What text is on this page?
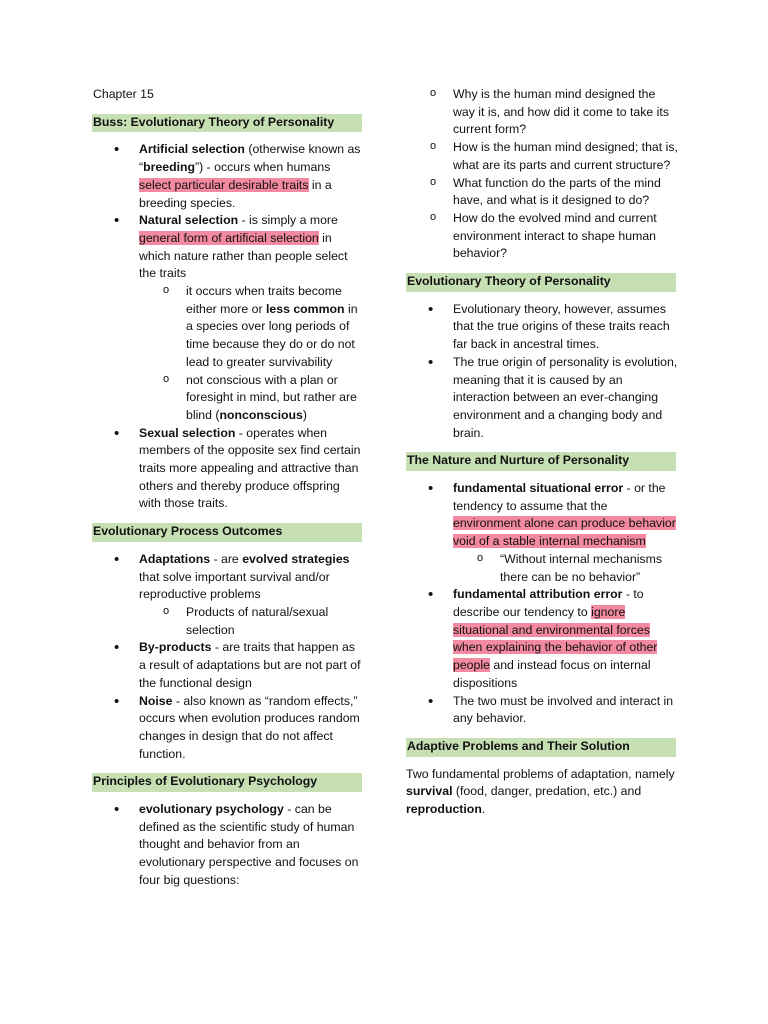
Chapter 15
Buss: Evolutionary Theory of Personality
• Artificial selection (otherwise known as “breeding”) - occurs when humans select particular desirable traits in a breeding species.
• Natural selection - is simply a more general form of artificial selection in which nature rather than people select the traits
o it occurs when traits become either more or less common in a species over long periods of time because they do or do not lead to greater survivability
o not conscious with a plan or foresight in mind, but rather are blind (nonconscious)
• Sexual selection - operates when members of the opposite sex find certain traits more appealing and attractive than others and thereby produce offspring with those traits.
Evolutionary Process Outcomes
• Adaptations - are evolved strategies that solve important survival and/or reproductive problems
o Products of natural/sexual selection
• By-products - are traits that happen as a result of adaptations but are not part of the functional design
• Noise - also known as “random effects,” occurs when evolution produces random changes in design that do not affect function.
Principles of Evolutionary Psychology
• evolutionary psychology - can be defined as the scientific study of human thought and behavior from an evolutionary perspective and focuses on four big questions:
o Why is the human mind designed the way it is, and how did it come to take its current form?
o How is the human mind designed; that is, what are its parts and current structure?
o What function do the parts of the mind have, and what is it designed to do?
o How do the evolved mind and current environment interact to shape human behavior?
Evolutionary Theory of Personality
• Evolutionary theory, however, assumes that the true origins of these traits reach far back in ancestral times.
• The true origin of personality is evolution, meaning that it is caused by an interaction between an ever-changing environment and a changing body and brain.
The Nature and Nurture of Personality
• fundamental situational error - or the tendency to assume that the environment alone can produce behavior void of a stable internal mechanism
o “Without internal mechanisms there can be no behavior”
• fundamental attribution error - to describe our tendency to ignore situational and environmental forces when explaining the behavior of other people and instead focus on internal dispositions
• The two must be involved and interact in any behavior.
Adaptive Problems and Their Solution

Two fundamental problems of adaptation, namely survival (food, danger, predation, etc.) and reproduction.
